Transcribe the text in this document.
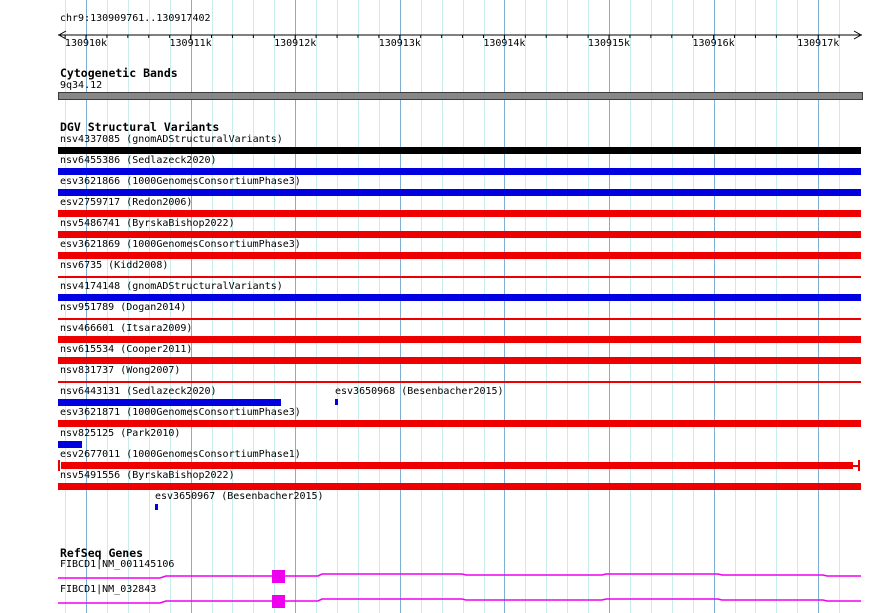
chr9:130909761..130917402
130910k	130911k	130912k	130913k	130914k	130915k	130916k	130917k
Cytogenetic Bands
9q34.12
DGV Structural Variants
nsv4337085 (gnomADStructuralVariants)
nsv6455386 (Sedlazeck2020)
esv3621866 (1000GenomesConsortiumPhase3)
esv2759717 (Redon2006)
nsv5486741 (ByrskaBishop2022)
esv3621869 (1000GenomesConsortiumPhase3)
nsv6735 (Kidd2008)
nsv4174148 (gnomADStructuralVariants)
nsv951789 (Dogan2014)
nsv466601 (Itsara2009)
nsv615534 (Cooper2011)
nsv831737 (Wong2007)
nsv6443131 (Sedlazeck2020)	esv3650968 (Besenbacher2015)
esv3621871 (1000GenomesConsortiumPhase3)
nsv825125 (Park2010)
esv2677011 (1000GenomesConsortiumPhase1)
nsv5491556 (ByrskaBishop2022)
esv3650967 (Besenbacher2015)
RefSeq Genes
FIBCD1|NM_001145106
FIBCD1|NM_032843
